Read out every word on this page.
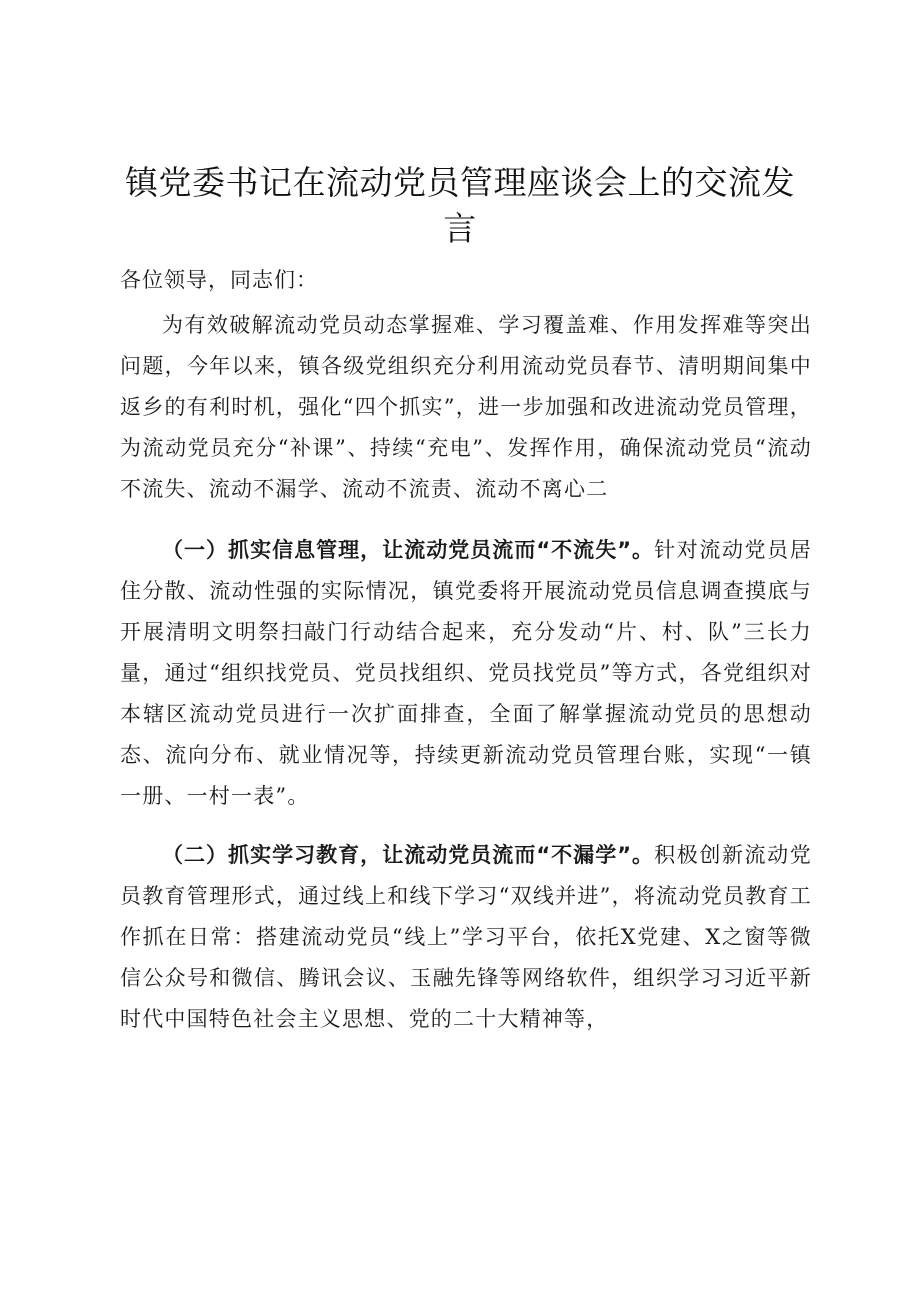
镇党委书记在流动党员管理座谈会上的交流发言

各位领导，同志们：

为有效破解流动党员动态掌握难、学习覆盖难、作用发挥难等突出问题，今年以来，镇各级党组织充分利用流动党员春节、清明期间集中返乡的有利时机，强化“四个抓实”，进一步加强和改进流动党员管理，为流动党员充分“补课”、持续“充电”、发挥作用，确保流动党员“流动不流失、流动不漏学、流动不流责、流动不离心二

（一）抓实信息管理，让流动党员流而“不流失”。针对流动党员居住分散、流动性强的实际情况，镇党委将开展流动党员信息调查摸底与开展清明文明祭扫敲门行动结合起来，充分发动“片、村、队”三长力量，通过“组织找党员、党员找组织、党员找党员”等方式，各党组织对本辖区流动党员进行一次扩面排查，全面了解掌握流动党员的思想动态、流向分布、就业情况等，持续更新流动党员管理台账，实现“一镇一册、一村一表”。

（二）抓实学习教育，让流动党员流而“不漏学”。积极创新流动党员教育管理形式，通过线上和线下学习“双线并进”，将流动党员教育工作抓在日常：搭建流动党员“线上”学习平台，依托X党建、X之窗等微信公众号和微信、腾讯会议、玉融先锋等网络软件，组织学习习近平新时代中国特色社会主义思想、党的二十大精神等，
